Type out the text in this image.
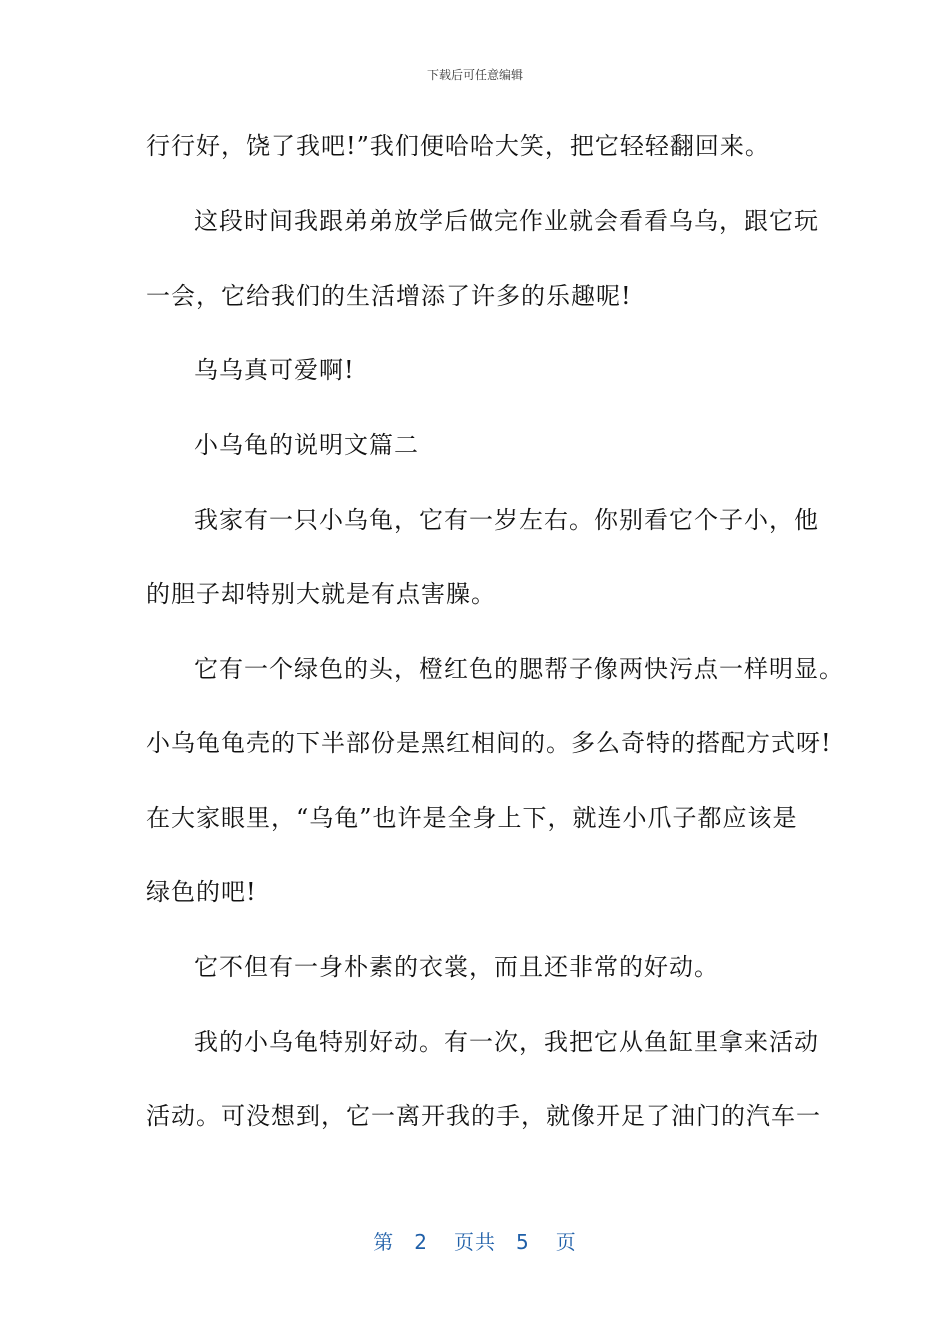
下载后可任意编辑
行行好，饶了我吧!”我们便哈哈大笑，把它轻轻翻回来。
这段时间我跟弟弟放学后做完作业就会看看乌乌，跟它玩
一会，它给我们的生活增添了许多的乐趣呢!
乌乌真可爱啊!
小乌龟的说明文篇二
我家有一只小乌龟，它有一岁左右。你别看它个子小，他
的胆子却特别大就是有点害臊。
它有一个绿色的头，橙红色的腮帮子像两快污点一样明显。
小乌龟龟壳的下半部份是黑红相间的。多么奇特的搭配方式呀!
在大家眼里，“乌龟”也许是全身上下，就连小爪子都应该是
绿色的吧!
它不但有一身朴素的衣裳，而且还非常的好动。
我的小乌龟特别好动。有一次，我把它从鱼缸里拿来活动
活动。可没想到，它一离开我的手，就像开足了油门的汽车一
第 2 页共 5 页
